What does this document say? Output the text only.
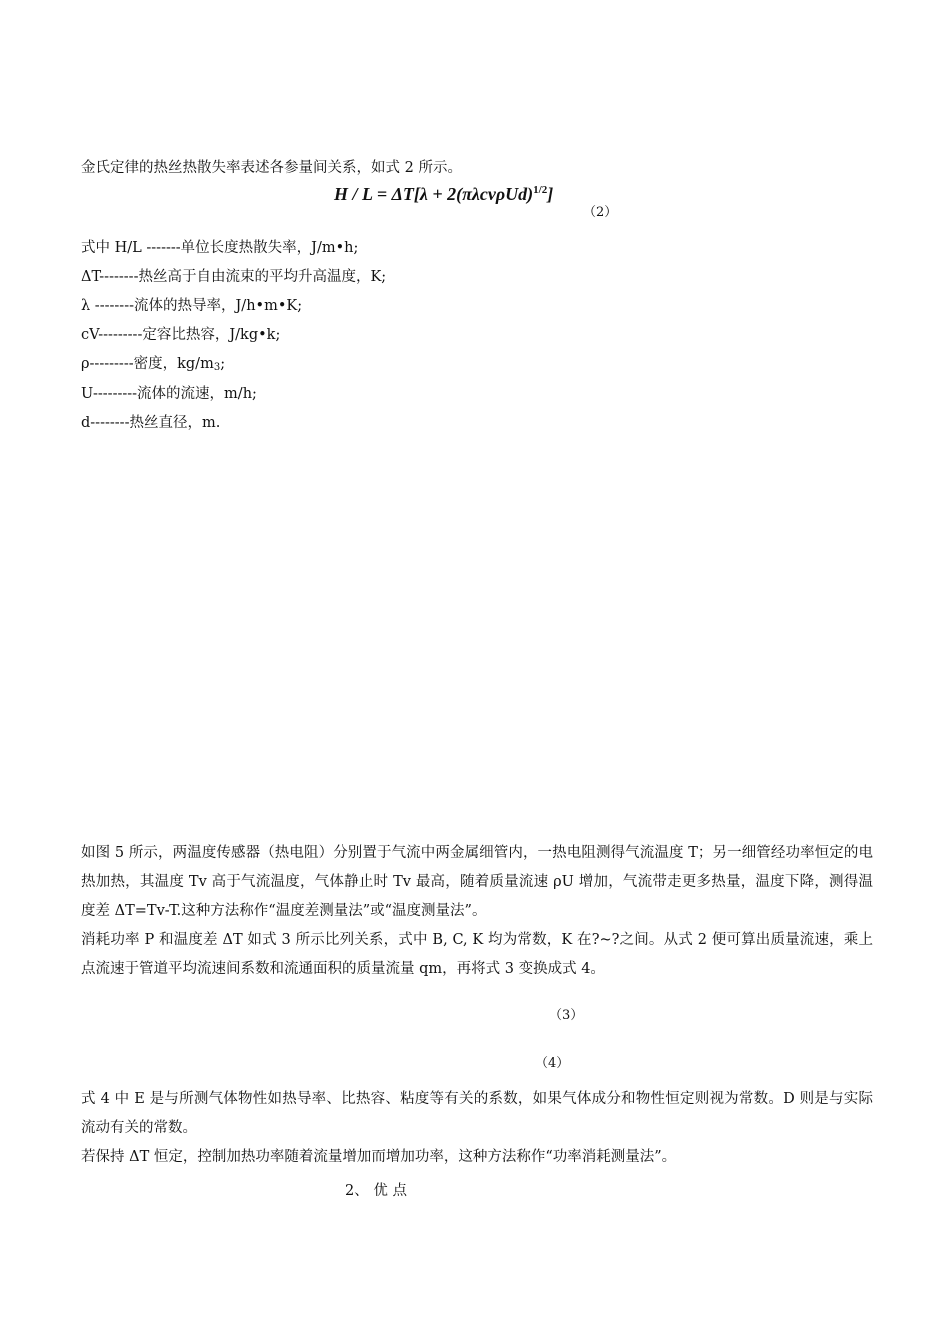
金氏定律的热丝热散失率表述各参量间关系，如式 2 所示。
$H / L = \Delta T[\lambda + 2(\pi\lambda cv\rho Ud)^{1/2}]$
（2）
式中 H/L -------单位长度热散失率，J/m•h;
ΔT--------热丝高于自由流束的平均升高温度，K;
λ --------流体的热导率，J/h•m•K;
cV---------定容比热容，J/kg•k;
ρ---------密度，$kg/m_3$;
U---------流体的流速，m/h;
d--------热丝直径，m.
如图 5 所示，两温度传感器（热电阻）分别置于气流中两金属细管内，一热电阻测得气流温度 T；另一细管经功率恒定的电热加热，其温度 Tv 高于气流温度，气体静止时 Tv 最高，随着质量流速 ρU 增加，气流带走更多热量，温度下降，测得温度差 ΔT=Tv-T.这种方法称作“温度差测量法”或“温度测量法”。
消耗功率 P 和温度差 ΔT 如式 3 所示比列关系，式中 B, C, K 均为常数，K 在?~?之间。从式 2 便可算出质量流速，乘上点流速于管道平均流速间系数和流通面积的质量流量 qm，再将式 3 变换成式 4。
（3）
（4）
式 4 中 E 是与所测气体物性如热导率、比热容、粘度等有关的系数，如果气体成分和物性恒定则视为常数。D 则是与实际流动有关的常数。
若保持 ΔT 恒定，控制加热功率随着流量增加而增加功率，这种方法称作“功率消耗测量法”。
2、 优 点
